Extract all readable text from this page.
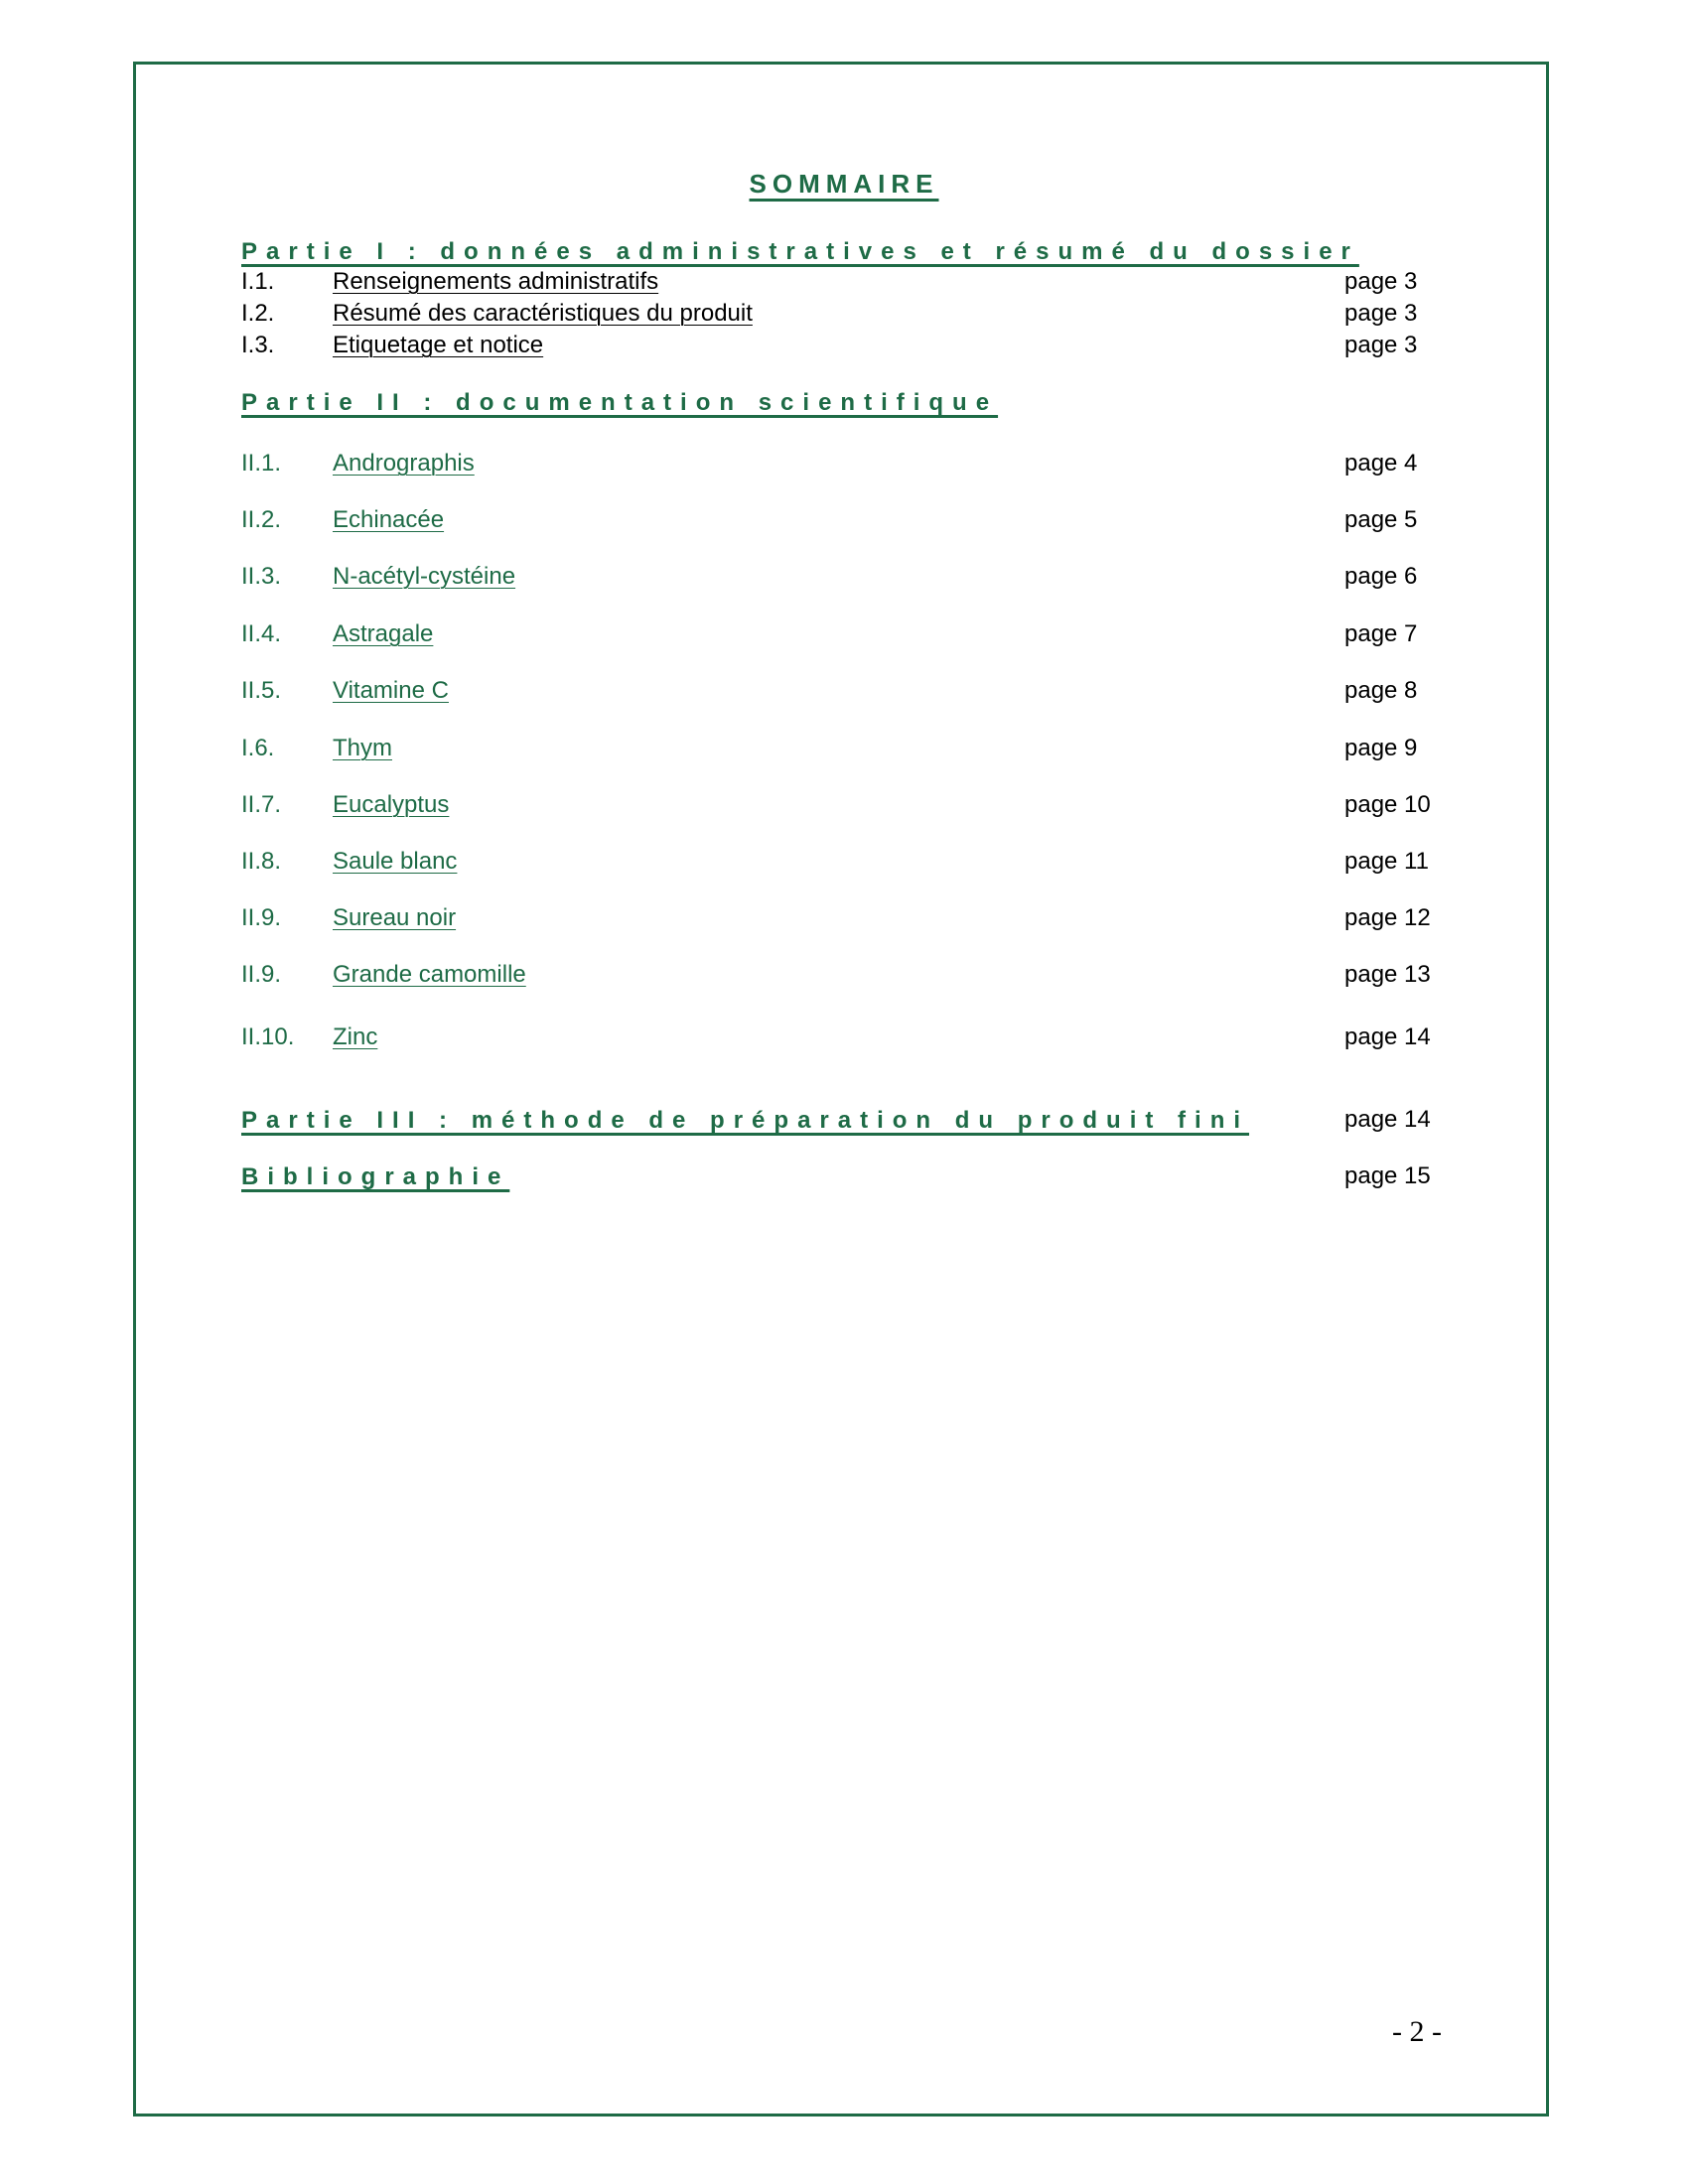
SOMMAIRE
Partie I : données administratives et résumé du dossier
I.1. Renseignements administratifs	page 3
I.2. Résumé des caractéristiques du produit	page 3
I.3. Etiquetage et notice	page 3
Partie II : documentation scientifique
II.1. Andrographis	page 4
II.2. Echinacée	page 5
II.3. N-acétyl-cystéine	page 6
II.4. Astragale	page 7
II.5. Vitamine C	page 8
I.6. Thym	page 9
II.7. Eucalyptus	page 10
II.8. Saule blanc	page 11
II.9. Sureau noir	page 12
II.9. Grande camomille	page 13
II.10. Zinc	page 14
Partie III : méthode de préparation du produit fini	page 14
Bibliographie	page 15
- 2 -
